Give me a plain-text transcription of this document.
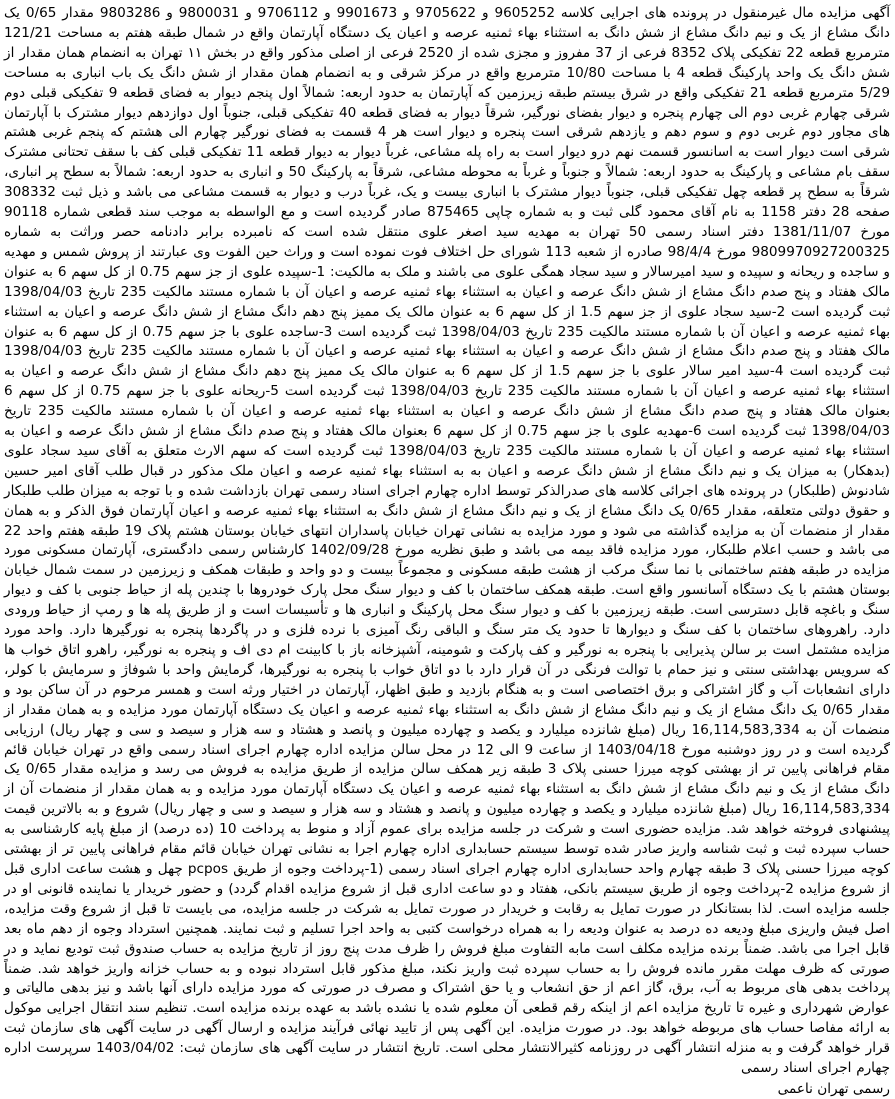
آگهی مزایده مال غیرمنقول در پرونده های اجرایی کلاسه 9605252 و 9705622 و 9901673 و 9706112 و 9800031 و 9803286 مقدار 0/65 یک دانگ مشاع از یک و نیم دانگ مشاع از شش دانگ به استثناء بهاء ثمنیه عرصه و اعیان یک دستگاه آپارتمان واقع در شمال طبقه هفتم به مساحت 121/21 مترمربع قطعه 22 تفکیکی پلاک 8352 فرعی از 37 مفروز و مجزی شده از 2520 فرعی از اصلی مذکور واقع در بخش ۱۱ تهران به انضمام همان مقدار از شش دانگ یک واحد پارکینگ قطعه 4 با مساحت 10/80 مترمربع واقع در مرکز شرقی و به انضمام همان مقدار از شش دانگ یک باب انباری به مساحت 5/29 مترمربع قطعه 21 تفکیکی واقع در شرق بیستم طبقه زیرزمین که آپارتمان به حدود اربعه: شمالاً اول پنجم دیوار به فضای قطعه 9 تفکیکی قبلی دوم شرقی چهارم غربی دوم الی چهارم پنجره و دیوار بفضای نورگیر، شرقاً دیوار به فضای قطعه 40 تفکیکی قبلی، جنوباً اول دوازدهم دیوار مشترک با آپارتمان های مجاور دوم غربی دوم و سوم دهم و یازدهم شرقی است پنجره و دیوار است هر 4 قسمت به فضای نورگیر چهارم الی هشتم که پنجم غربی هشتم شرقی است دیوار است به اسانسور قسمت نهم درو دیوار است به راه پله مشاعی، غرباً دیوار به دیوار قطعه 11 تفکیکی قبلی کف با سقف تحتانی مشترک سقف بام مشاعی و پارکینگ به حدود اربعه: شمالاً و جنوباً و غرباً به محوطه مشاعی، شرقاً به پارکینگ 50 و انباری به حدود اربعه: شمالاً به سطح پر انباری، شرقاً به سطح پر قطعه چهل تفکیکی قبلی، جنوباً دیوار مشترک با انباری بیست و یک، غرباً درب و دیوار به قسمت مشاعی می باشد و ذیل ثبت 308332 صفحه 28 دفتر 1158 به نام آقای محمود گلی ثبت و به شماره چاپی 875465 صادر گردیده است و مع الواسطه به موجب سند قطعی شماره 90118 مورخ 1381/11/07 دفتر اسناد رسمی 50 تهران به مهدیه سید اصغر علوی منتقل شده است که نامبرده برابر دادنامه حصر وراثت به شماره 9809970927200325 مورخ 98/4/4 صادره از شعبه 113 شورای حل اختلاف فوت نموده است و وراث حین الفوت وی عبارتند از پروش شمس و مهدیه و ساجده و ریحانه و سپیده و سید امیرسالار و سید سجاد همگی علوی می باشند و ملک به مالکیت: 1-سپیده علوی از جز سهم 0.75 از کل سهم 6 به عنوان مالک هفتاد و پنج صدم دانگ مشاع از شش دانگ عرصه و اعیان به استثناء بهاء ثمنیه عرصه و اعیان آن با شماره مستند مالکیت 235 تاریخ 1398/04/03 ثبت گردیده است 2-سید سجاد علوی از جز سهم 1.5 از کل سهم 6 به عنوان مالک یک ممیز پنج دهم دانگ مشاع از شش دانگ عرصه و اعیان به استثناء بهاء ثمنیه عرصه و اعیان آن با شماره مستند مالکیت 235 تاریخ 1398/04/03 ثبت گردیده است 3-ساجده علوی با جز سهم 0.75 از کل سهم 6 به عنوان مالک هفتاد و پنج صدم دانگ مشاع از شش دانگ عرصه و اعیان به استثناء بهاء ثمنیه عرصه و اعیان آن با شماره مستند مالکیت 235 تاریخ 1398/04/03 ثبت گردیده است 4-سید امیر سالار علوی با جز سهم 1.5 از کل سهم 6 به عنوان مالک یک ممیز پنج دهم دانگ مشاع از شش دانگ عرصه و اعیان به استثناء بهاء ثمنیه عرصه و اعیان آن با شماره مستند مالکیت 235 تاریخ 1398/04/03 ثبت گردیده است 5-ریحانه علوی با جز سهم 0.75 از کل سهم 6 بعنوان مالک هفتاد و پنج صدم دانگ مشاع از شش دانگ عرصه و اعیان به استثناء بهاء ثمنیه عرصه و اعیان آن با شماره مستند مالکیت 235 تاریخ 1398/04/03 ثبت گردیده است 6-مهدیه علوی با جز سهم 0.75 از کل سهم 6 بعنوان مالک هفتاد و پنج صدم دانگ مشاع از شش دانگ عرصه و اعیان به استثناء بهاء ثمنیه عرصه و اعیان آن با شماره مستند مالکیت 235 تاریخ 1398/04/03 ثبت گردیده است که سهم الارث متعلق به آقای سید سجاد علوی (بدهکار) به میزان یک و نیم دانگ مشاع از شش دانگ عرصه و اعیان به به استثناء بهاء ثمنیه عرصه و اعیان ملک مذکور در قبال طلب آقای امیر حسین شادنوش (طلبکار) در پرونده های اجرائی کلاسه های صدرالذکر توسط اداره چهارم اجرای اسناد رسمی تهران بازداشت شده و با توجه به میزان طلب طلبکار و حقوق دولتی متعلقه، مقدار 0/65 یک دانگ مشاع از یک و نیم دانگ مشاع از شش دانگ به استثناء بهاء ثمنیه عرصه و اعیان آپارتمان فوق الذکر و به همان مقدار از منضمات آن به مزایده گذاشته می شود و مورد مزایده به نشانی تهران خیابان پاسداران انتهای خیابان بوستان هشتم پلاک 19 طبقه هفتم واحد 22 می باشد و حسب اعلام طلبکار، مورد مزایده فاقد بیمه می باشد و طبق نظریه مورخ 1402/09/28 کارشناس رسمی دادگستری، آپارتمان مسکونی مورد مزایده در طبقه هفتم ساختمانی با نما سنگ مرکب از هشت طبقه مسکونی و مجموعاً بیست و دو واحد و طبقات همکف و زیرزمین در سمت شمال خیابان بوستان هشتم با یک دستگاه آسانسور واقع است. طبقه همکف ساختمان با کف و دیوار سنگ محل پارک خودروها با چندین پله از حیاط جنوبی با کف و دیوار سنگ و باغچه قابل دسترسی است. طبقه زیرزمین با کف و دیوار سنگ محل پارکینگ و انباری ها و تأسیسات است و از طریق پله ها و رمپ از حیاط ورودی دارد. راهروهای ساختمان با کف سنگ و دیوارها تا حدود یک متر سنگ و الباقی رنگ آمیزی با نرده فلزی و در پاگردها پنجره به نورگیرها دارد. واحد مورد مزایده مشتمل است بر سالن پذیرایی با پنجره به نورگیر و کف پارکت و شومینه، آشپزخانه باز با کابینت ام دی اف و پنجره به نورگیر، راهرو اتاق خواب ها که سرویس بهداشتی سنتی و نیز حمام با توالت فرنگی در آن قرار دارد با دو اتاق خواب با پنجره به نورگیرها، گرمایش واحد با شوفاژ و سرمایش با کولر، دارای انشعابات آب و گاز اشتراکی و برق اختصاصی است و به هنگام بازدید و طبق اظهار، آپارتمان در اختیار ورثه است و همسر مرحوم در آن ساکن بود و مقدار 0/65 یک دانگ مشاع از یک و نیم دانگ مشاع از شش دانگ به استثناء بهاء ثمنیه عرصه و اعیان یک دستگاه آپارتمان مورد مزایده و به همان مقدار از منضمات آن به 16,114,583,334 ریال (مبلغ شانزده میلیارد و یکصد و چهارده میلیون و پانصد و هشتاد و سه هزار و سیصد و سی و چهار ریال) ارزیابی گردیده است و در روز دوشنبه مورخ 1403/04/18 از ساعت 9 الی 12 در محل سالن مزایده اداره چهارم اجرای اسناد رسمی واقع در تهران خیابان قائم مقام فراهانی پایین تر از بهشتی کوچه میرزا حسنی پلاک 3 طبقه زیر همکف سالن مزایده از طریق مزایده به فروش می رسد و مزایده مقدار 0/65 یک دانگ مشاع از یک و نیم دانگ مشاع از شش دانگ به استثناء بهاء ثمنیه عرصه و اعیان یک دستگاه آپارتمان مورد مزایده و به همان مقدار از منضمات آن از 16,114,583,334 ریال (مبلغ شانزده میلیارد و یکصد و چهارده میلیون و پانصد و هشتاد و سه هزار و سیصد و سی و چهار ریال) شروع و به بالاترین قیمت پیشنهادی فروخته خواهد شد. مزایده حضوری است و شرکت در جلسه مزایده برای عموم آزاد و منوط به پرداخت 10 (ده درصد) از مبلغ پایه کارشناسی به حساب سپرده ثبت و ثبت شناسه واریز صادر شده توسط سیستم حسابداری اداره چهارم اجرا به نشانی تهران خیابان قائم مقام فراهانی پایین تر از بهشتی کوچه میرزا حسنی پلاک 3 طبقه چهارم واحد حسابداری اداره چهارم اجرای اسناد رسمی (1-پرداخت وجوه از طریق pcpos چهل و هشت ساعت اداری قبل از شروع مزایده 2-پرداخت وجوه از طریق سیستم بانکی، هفتاد و دو ساعت اداری قبل از شروع مزایده اقدام گردد) و حضور خریدار یا نماینده قانونی او در جلسه مزایده است. لذا بستانکار در صورت تمایل به رقابت و خریدار در صورت تمایل به شرکت در جلسه مزایده، می بایست تا قبل از شروع وقت مزایده، اصل فیش واریزی مبلغ ودیعه ده درصد به عنوان ودیعه را به همراه درخواست کتبی به واحد اجرا تسلیم و ثبت نمایند. همچنین استرداد وجوه از دهم ماه بعد قابل اجرا می باشد. ضمناً برنده مزایده مکلف است مابه التفاوت مبلغ فروش را ظرف مدت پنج روز از تاریخ مزایده به حساب صندوق ثبت تودیع نماید و در صورتی که ظرف مهلت مقرر مانده فروش را به حساب سپرده ثبت واریز نکند، مبلغ مذکور قابل استرداد نبوده و به حساب خزانه واریز خواهد شد. ضمناً پرداخت بدهی های مربوط به آب، برق، گاز اعم از حق انشعاب و یا حق اشتراک و مصرف در صورتی که مورد مزایده دارای آنها باشد و نیز بدهی مالیاتی و عوارض شهرداری و غیره تا تاریخ مزایده اعم از اینکه رقم قطعی آن معلوم شده یا نشده باشد به عهده برنده مزایده است. تنظیم سند انتقال اجرایی موکول به ارائه مفاصا حساب های مربوطه خواهد بود. در صورت مزایده. این آگهی پس از تایید نهائی فرآیند مزایده و ارسال آگهی در سایت آگهی های سازمان ثبت قرار خواهد گرفت و به منزله انتشار آگهی در روزنامه کثیرالانتشار محلی است. تاریخ انتشار در سایت آگهی های سازمان ثبت: 1403/04/02 سرپرست اداره چهارم اجرای اسناد رسمی

رسمی تهران ناعمی
